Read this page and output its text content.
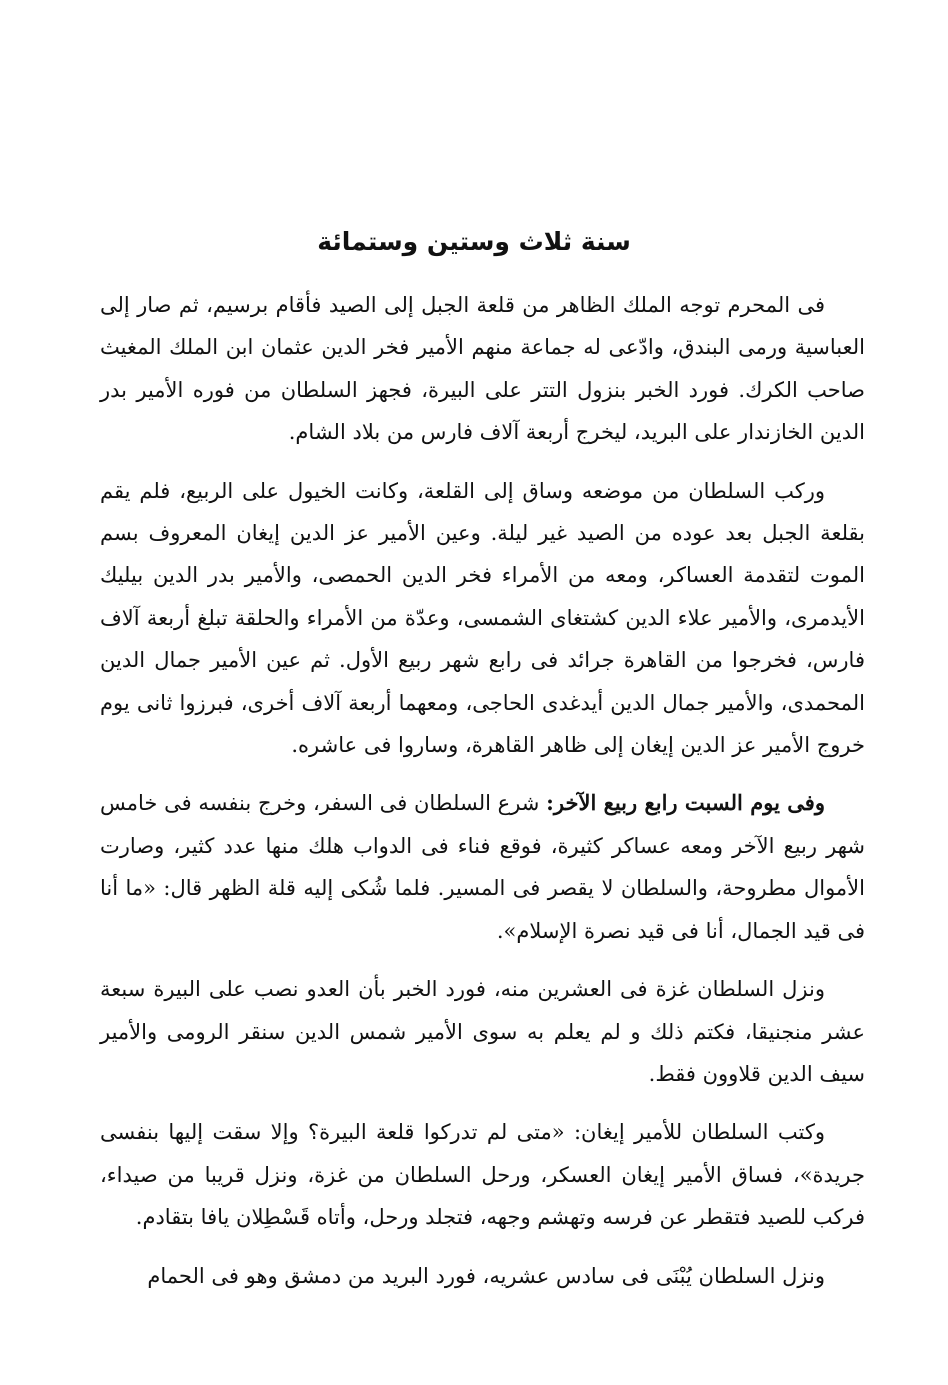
سنة ثلاث وستين وستمائة

فى المحرم توجه الملك الظاهر من قلعة الجبل إلى الصيد فأقام برسيم، ثم صار إلى العباسية ورمى البندق، وادّعى له جماعة منهم الأمير فخر الدين عثمان ابن الملك المغيث صاحب الكرك. فورد الخبر بنزول التتر على البيرة، فجهز السلطان من فوره الأمير بدر الدين الخازندار على البريد، ليخرج أربعة آلاف فارس من بلاد الشام.

وركب السلطان من موضعه وساق إلى القلعة، وكانت الخيول على الربيع، فلم يقم بقلعة الجبل بعد عوده من الصيد غير ليلة. وعين الأمير عز الدين إيغان المعروف بسم الموت لتقدمة العساكر، ومعه من الأمراء فخر الدين الحمصى، والأمير بدر الدين بيليك الأيدمرى، والأمير علاء الدين كشتغاى الشمسى، وعدّة من الأمراء والحلقة تبلغ أربعة آلاف فارس، فخرجوا من القاهرة جرائد فى رابع شهر ربيع الأول. ثم عين الأمير جمال الدين المحمدى، والأمير جمال الدين أيدغدى الحاجى، ومعهما أربعة آلاف أخرى، فبرزوا ثانى يوم خروج الأمير عز الدين إيغان إلى ظاهر القاهرة، وساروا فى عاشره.

وفى يوم السبت رابع ربيع الآخر: شرع السلطان فى السفر، وخرج بنفسه فى خامس شهر ربيع الآخر ومعه عساكر كثيرة، فوقع فناء فى الدواب هلك منها عدد كثير، وصارت الأموال مطروحة، والسلطان لا يقصر فى المسير. فلما شُكى إليه قلة الظهر قال: «ما أنا فى قيد الجمال، أنا فى قيد نصرة الإسلام».

ونزل السلطان غزة فى العشرين منه، فورد الخبر بأن العدو نصب على البيرة سبعة عشر منجنيقا، فكتم ذلك و لم يعلم به سوى الأمير شمس الدين سنقر الرومى والأمير سيف الدين قلاوون فقط.

وكتب السلطان للأمير إيغان: «متى لم تدركوا قلعة البيرة؟ وإلا سقت إليها بنفسى جريدة»، فساق الأمير إيغان العسكر، ورحل السلطان من غزة، ونزل قريبا من صيداء، فركب للصيد فتقطر عن فرسه وتهشم وجهه، فتجلد ورحل، وأتاه قَسْطِلان يافا بتقادم.

ونزل السلطان يُبْنَى فى سادس عشريه، فورد البريد من دمشق وهو فى الحمام
